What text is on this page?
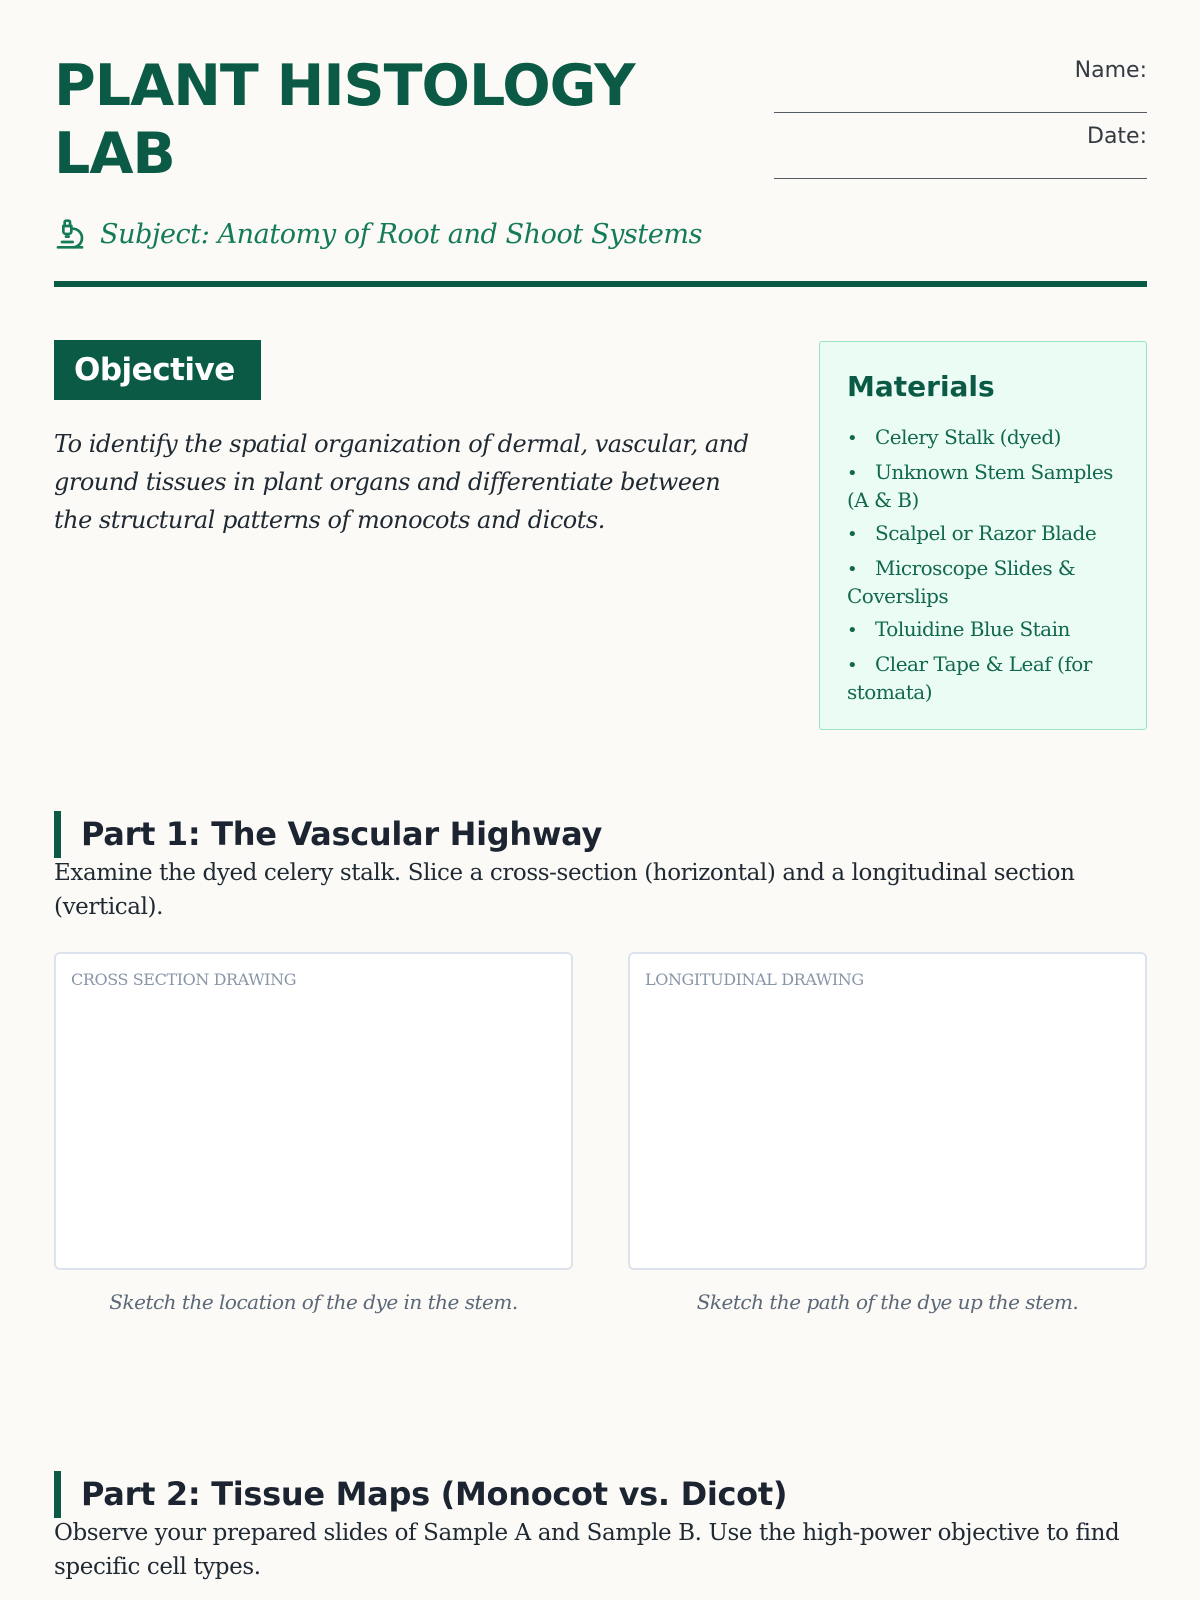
PLANT HISTOLOGY LAB
Name:
Date:
Subject: Anatomy of Root and Shoot Systems
Objective

To identify the spatial organization of dermal, vascular, and ground tissues in plant organs and differentiate between the structural patterns of monocots and dicots.

Materials
• Celery Stalk (dyed)
• Unknown Stem Samples (A & B)
• Scalpel or Razor Blade
• Microscope Slides & Coverslips
• Toluidine Blue Stain
• Clear Tape & Leaf (for stomata)
Part 1: The Vascular Highway

Examine the dyed celery stalk. Slice a cross-section (horizontal) and a longitudinal section (vertical).

CROSS SECTION DRAWING	LONGITUDINAL DRAWING
Sketch the location of the dye in the stem.	Sketch the path of the dye up the stem.
Part 2: Tissue Maps (Monocot vs. Dicot)

Observe your prepared slides of Sample A and Sample B. Use the high-power objective to find specific cell types.
